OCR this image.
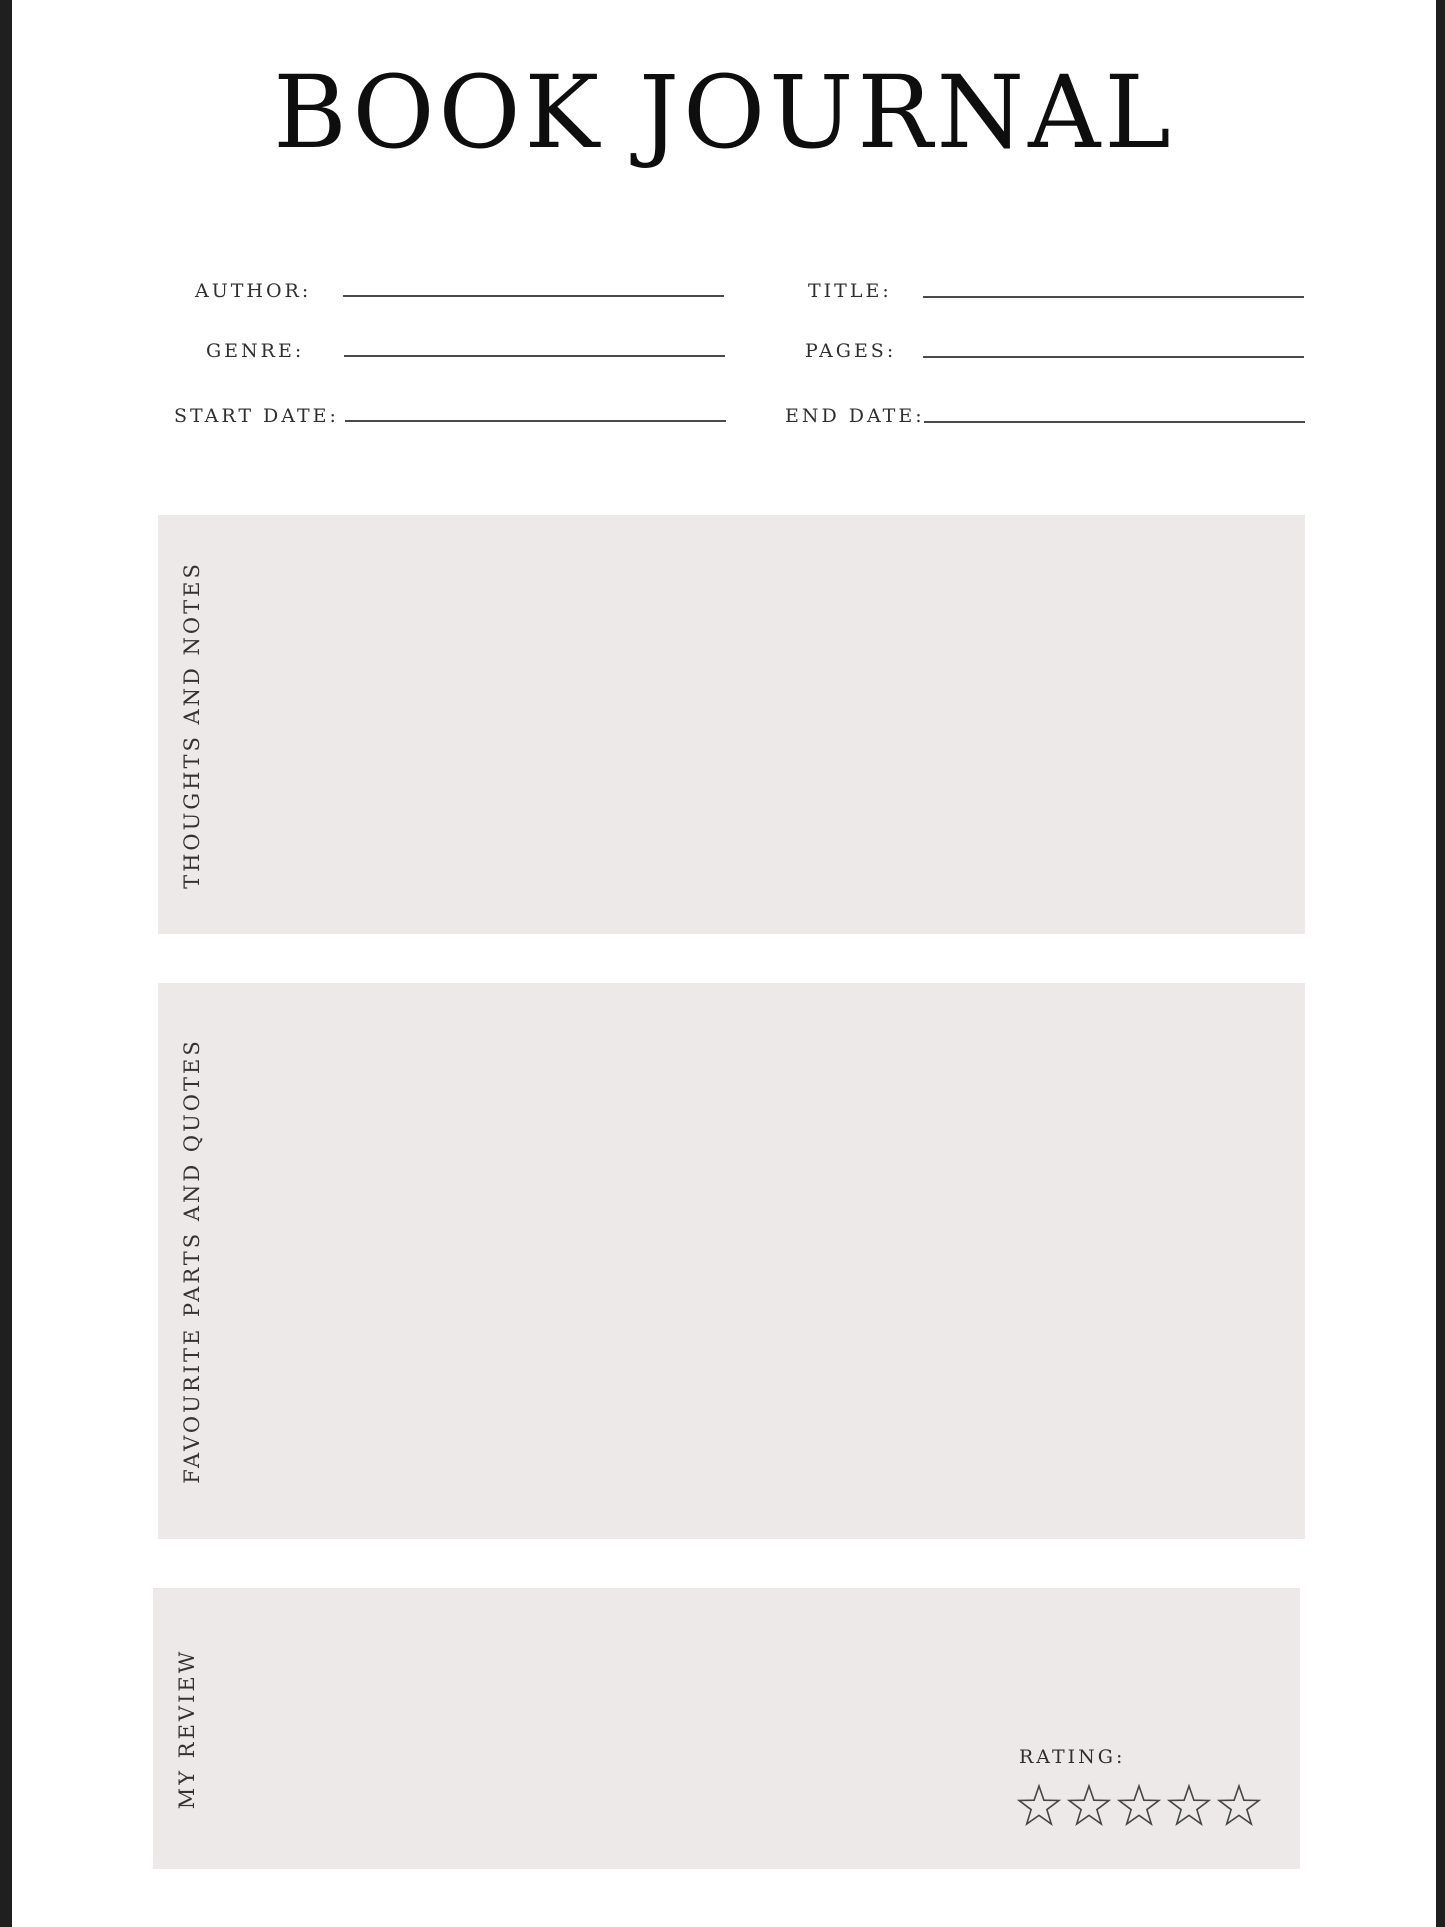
BOOK JOURNAL
AUTHOR:	TITLE:
GENRE:	PAGES:
START DATE:	END DATE:
THOUGHTS AND NOTES
FAVOURITE PARTS AND QUOTES
MY REVIEW	RATING:
